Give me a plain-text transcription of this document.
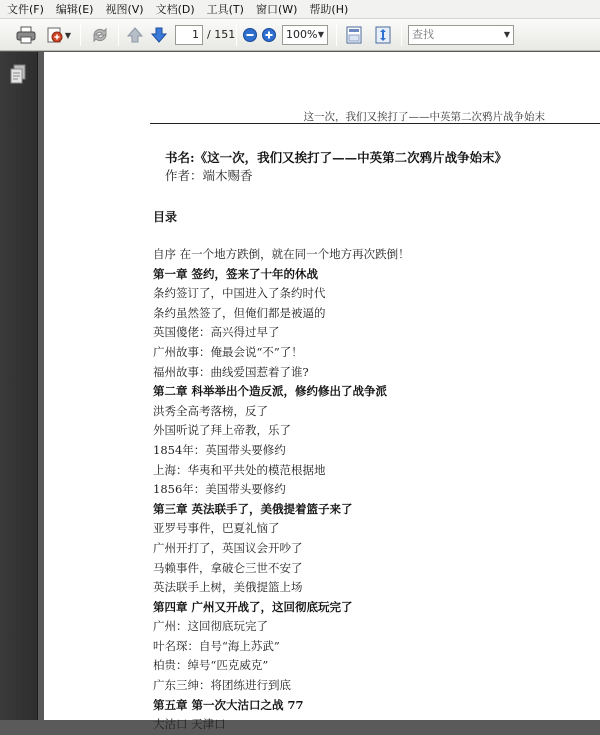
文件(F)	编辑(E)	视图(V)	文档(D)	工具(T)	窗口(W)	帮助(H)
▼	1 / 151	100% ▼	查找	▼
这一次，我们又挨打了——中英第二次鸦片战争始末
书名:《这一次，我们又挨打了——中英第二次鸦片战争始末》
作者：端木赐香
目录
自序 在一个地方跌倒，就在同一个地方再次跌倒！
第一章 签约，签来了十年的休战
条约签订了，中国进入了条约时代
条约虽然签了，但俺们都是被逼的
英国傻佬：高兴得过早了
广州故事：俺最会说“不”了！
福州故事：曲线爱国惹着了谁?
第二章 科举举出个造反派，修约修出了战争派
洪秀全高考落榜，反了
外国听说了拜上帝教，乐了
1854年：英国带头要修约
上海：华夷和平共处的模范根据地
1856年：美国带头要修约
第三章 英法联手了，美俄提着篮子来了
亚罗号事件，巴夏礼恼了
广州开打了，英国议会开吵了
马赖事件，拿破仑三世不安了
英法联手上树，美俄提篮上场
第四章 广州又开战了，这回彻底玩完了
广州：这回彻底玩完了
叶名琛：自号“海上苏武”
柏贵：绰号“匹克威克”
广东三绅：将团练进行到底
第五章 第一次大沽口之战 77
大沽口 天津口
